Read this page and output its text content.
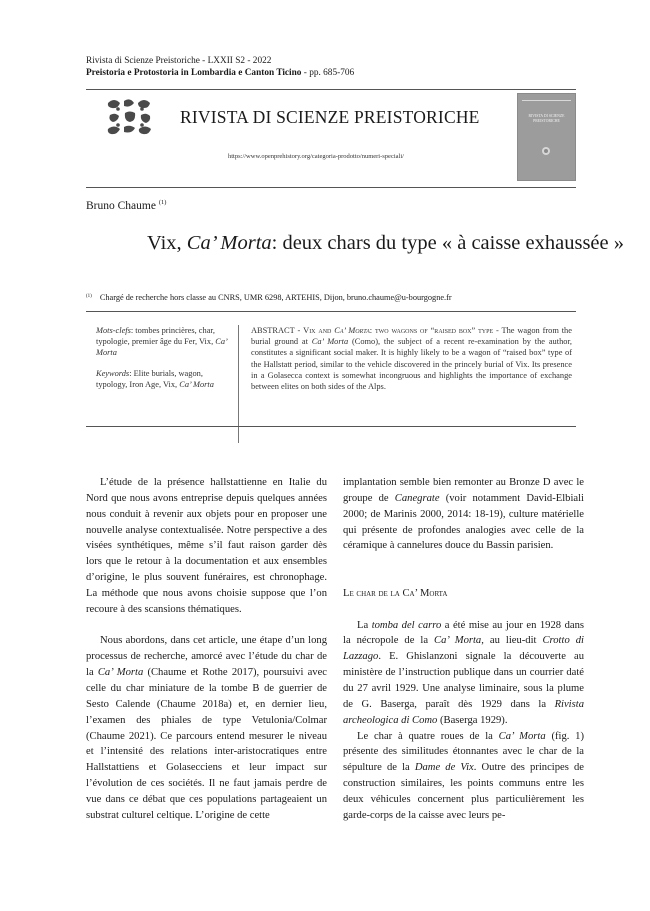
Rivista di Scienze Preistoriche - LXXII S2 - 2022
Preistoria e Protostoria in Lombardia e Canton Ticino - pp. 685-706
RIVISTA DI SCIENZE PREISTORICHE
https://www.openprehistory.org/categoria-prodotto/numeri-speciali/
RIVISTA DI SCIENZE PREISTORICHE
Bruno Chaume $^{(1)}$
Vix, Ca’ Morta: deux chars du type « à caisse exhaussée »
$^{(1)}$ Chargé de recherche hors classe au CNRS, UMR 6298, ARTEHIS, Dijon, bruno.chaume@u-bourgogne.fr

Mots-clefs: tombes princières, char, typologie, premier âge du Fer, Vix, Ca’ Morta

Keywords: Elite burials, wagon, typology, Iron Age, Vix, Ca’ Morta

ABSTRACT - Vix and Ca’ Morta: two wagons of “raised box” type - The wagon from the burial ground at Ca’ Morta (Como), the subject of a recent re-examination by the author, constitutes a significant social maker. It is highly likely to be a wagon of “raised box” type of the Hallstatt period, similar to the vehicle discovered in the princely burial of Vix. Its presence in a Golasecca context is somewhat incongruous and highlights the importance of exchange between elites on both sides of the Alps.

L’étude de la présence hallstattienne en Italie du Nord que nous avons entreprise depuis quelques années nous conduit à revenir aux objets pour en proposer une nouvelle analyse contextualisée. Notre perspective a des visées synthétiques, même s’il faut raison garder dès lors que le retour à la documentation et aux ensembles d’origine, le plus souvent funéraires, est chronophage. La méthode que nous avons choisie suppose que l’on recoure à des scansions thématiques.

Nous abordons, dans cet article, une étape d’un long processus de recherche, amorcé avec l’étude du char de la Ca’ Morta (Chaume et Rothe 2017), poursuivi avec celle du char miniature de la tombe B de guerrier de Sesto Calende (Chaume 2018a) et, en dernier lieu, l’examen des phiales de type Vetulonia/Colmar (Chaume 2021). Ce parcours entend mesurer le niveau et l’intensité des relations inter-aristocratiques entre Hallstattiens et Golasecciens et leur impact sur l’évolution de ces sociétés. Il ne faut jamais perdre de vue dans ce débat que ces populations partageaient un substrat culturel celtique. L’origine de cette

implantation semble bien remonter au Bronze D avec le groupe de Canegrate (voir notamment David-Elbiali 2000; de Marinis 2000, 2014: 18-19), culture matérielle qui présente de profondes analogies avec celle de la céramique à cannelures douce du Bassin parisien.

Le char de la Ca’ Morta

La tomba del carro a été mise au jour en 1928 dans la nécropole de la Ca’ Morta, au lieu-dit Crotto di Lazzago. E. Ghislanzoni signale la découverte au ministère de l’instruction publique dans un courrier daté du 27 avril 1929. Une analyse liminaire, sous la plume de G. Baserga, paraît dès 1929 dans la Rivista archeologica di Como (Baserga 1929).

Le char à quatre roues de la Ca’ Morta (fig. 1) présente des similitudes étonnantes avec le char de la sépulture de la Dame de Vix. Outre des principes de construction similaires, les points communs entre les deux véhicules concernent plus particulièrement les garde-corps de la caisse avec leurs pe-
